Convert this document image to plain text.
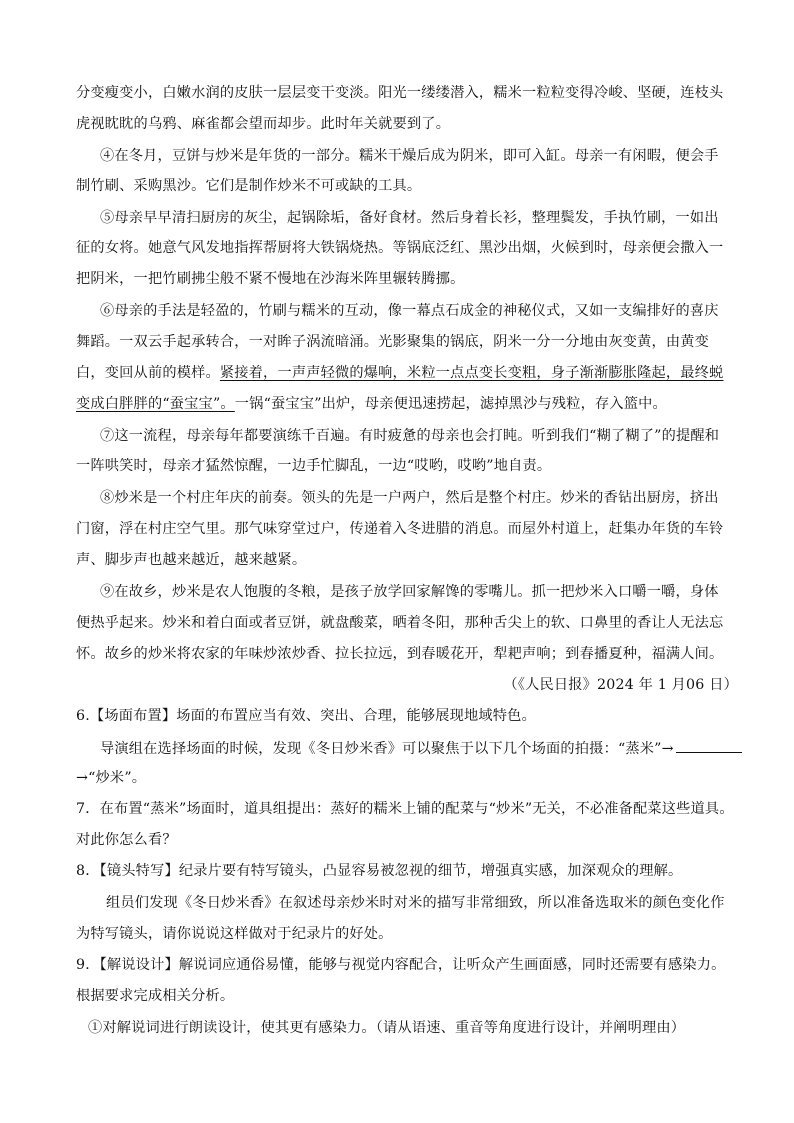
分变瘦变小，白嫩水润的皮肤一层层变干变淡。阳光一缕缕潜入，糯米一粒粒变得冷峻、坚硬，连枝头
虎视眈眈的乌鸦、麻雀都会望而却步。此时年关就要到了。
④在冬月，豆饼与炒米是年货的一部分。糯米干燥后成为阴米，即可入缸。母亲一有闲暇，便会手
制竹刷、采购黑沙。它们是制作炒米不可或缺的工具。
⑤母亲早早清扫厨房的灰尘，起锅除垢，备好食材。然后身着长衫，整理鬓发，手执竹刷，一如出
征的女将。她意气风发地指挥帮厨将大铁锅烧热。等锅底泛红、黑沙出烟，火候到时，母亲便会撒入一
把阴米，一把竹刷拂尘般不紧不慢地在沙海米阵里辗转腾挪。
⑥母亲的手法是轻盈的，竹刷与糯米的互动，像一幕点石成金的神秘仪式，又如一支编排好的喜庆
舞蹈。一双云手起承转合，一对眸子涡流暗涌。光影聚集的锅底，阴米一分一分地由灰变黄，由黄变
白，变回从前的模样。紧接着，一声声轻微的爆响，米粒一点点变长变粗，身子渐渐膨胀隆起，最终蜕
变成白胖胖的“蚕宝宝”。一锅“蚕宝宝”出炉，母亲便迅速捞起，滤掉黑沙与残粒，存入篮中。
⑦这一流程，母亲每年都要演练千百遍。有时疲惫的母亲也会打盹。听到我们“糊了糊了”的提醒和
一阵哄笑时，母亲才猛然惊醒，一边手忙脚乱，一边“哎哟，哎哟”地自责。
⑧炒米是一个村庄年庆的前奏。领头的先是一户两户，然后是整个村庄。炒米的香钻出厨房，挤出
门窗，浮在村庄空气里。那气味穿堂过户，传递着入冬进腊的消息。而屋外村道上，赶集办年货的车铃
声、脚步声也越来越近，越来越紧。
⑨在故乡，炒米是农人饱腹的冬粮，是孩子放学回家解馋的零嘴儿。抓一把炒米入口嚼一嚼，身体
便热乎起来。炒米和着白面或者豆饼，就盘酸菜，晒着冬阳，那种舌尖上的软、口鼻里的香让人无法忘
怀。故乡的炒米将农家的年味炒浓炒香、拉长拉远，到春暖花开，犁耙声响；到春播夏种，福满人间。
（《人民日报》2024 年 1 月06 日）
6.【场面布置】场面的布置应当有效、突出、合理，能够展现地域特色。
导演组在选择场面的时候，发现《冬日炒米香》可以聚焦于以下几个场面的拍摄：“蒸米”→
→“炒米”。
7．在布置“蒸米”场面时，道具组提出：蒸好的糯米上铺的配菜与“炒米”无关，不必准备配菜这些道具。
对此你怎么看？
8．【镜头特写】纪录片要有特写镜头，凸显容易被忽视的细节，增强真实感，加深观众的理解。
组员们发现《冬日炒米香》在叙述母亲炒米时对米的描写非常细致，所以准备选取米的颜色变化作
为特写镜头，请你说说这样做对于纪录片的好处。
9．【解说设计】解说词应通俗易懂，能够与视觉内容配合，让听众产生画面感，同时还需要有感染力。
根据要求完成相关分析。
①对解说词进行朗读设计，使其更有感染力。（请从语速、重音等角度进行设计，并阐明理由）
